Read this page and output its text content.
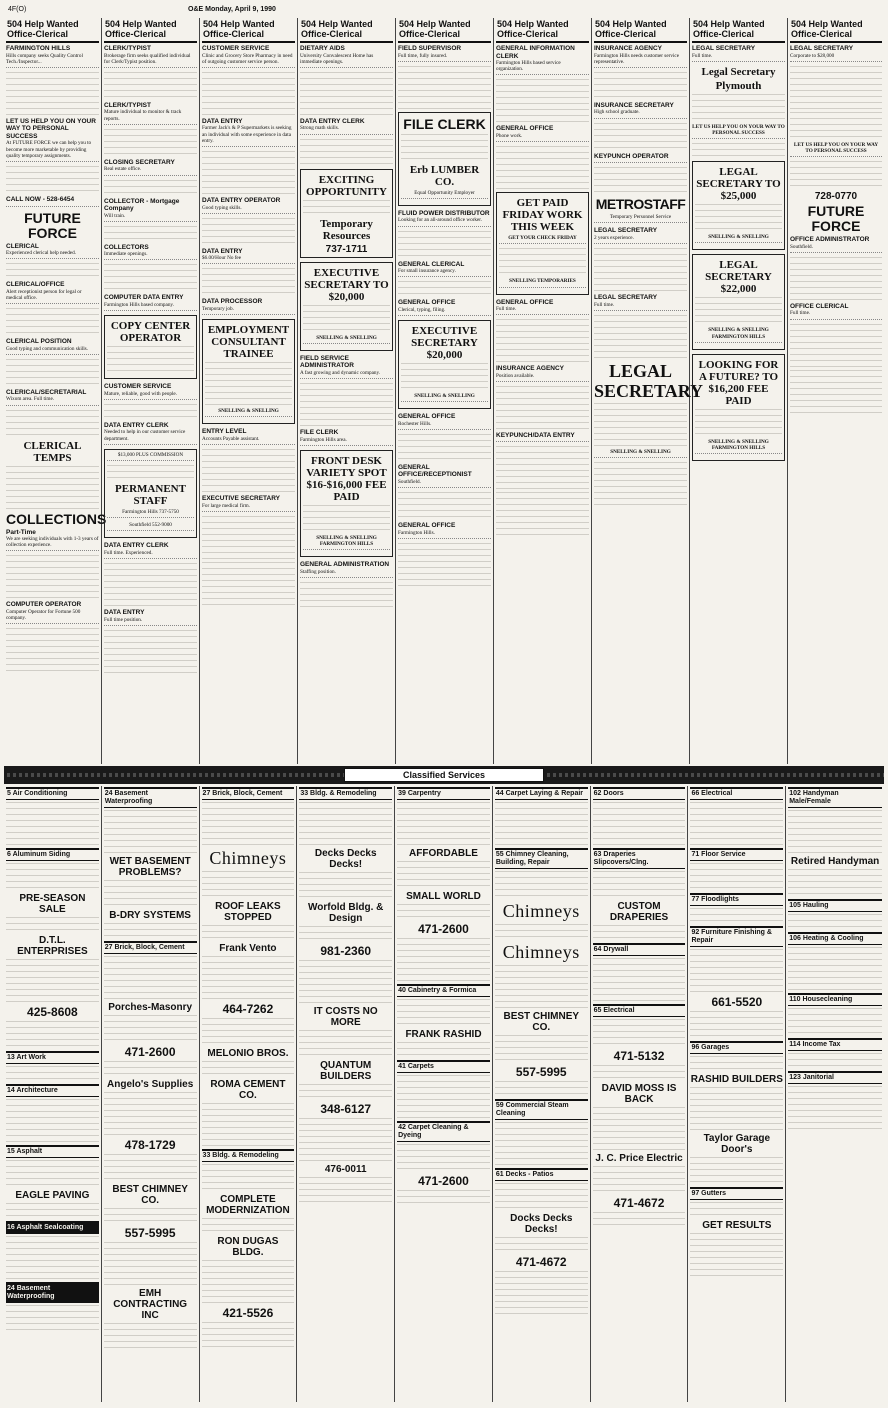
4F(O)	O&E Monday, April 9, 1990
504 Help Wanted Office-Clerical
FARMINGTON HILLS
Hills company seeks Quality Control Tech./Inspector...
LET US HELP YOU ON YOUR WAY TO PERSONAL SUCCESS
At FUTURE FORCE we can help you to become more marketable by providing quality temporary assignments.
CALL NOW - 528-6454
FUTURE FORCE
CLERICAL
Experienced clerical help needed.
CLERICAL/OFFICE
Alert receptionist person for legal or medical office.
CLERICAL POSITION
Good typing and communication skills.
CLERICAL/SECRETARIAL
Wixom area. Full time.
CLERICAL TEMPS
COLLECTIONS
Part-Time
We are seeking individuals with 1-3 years of collection experience.
COMPUTER OPERATOR
Computer Operator for Fortune 500 company.
504 Help Wanted Office-Clerical
CLERK/TYPIST
Brokerage firm seeks qualified individual for Clerk/Typist position.
CLERK/TYPIST
Mature individual to monitor & track reports.
CLOSING SECRETARY
Real estate office.
COLLECTOR - Mortgage Company
Will train.
COLLECTORS
Immediate openings.
COMPUTER DATA ENTRY
Farmington Hills based company.
COPY CENTER OPERATOR
CUSTOMER SERVICE
Mature, reliable, good with people.
DATA ENTRY CLERK
Needed to help in our customer service department.
$13,000 PLUS COMMISSION
PERMANENT STAFF
Farmington Hills 737-5750
Southfield 552-9000
DATA ENTRY CLERK
Full time. Experienced.
DATA ENTRY
Full time position.
504 Help Wanted Office-Clerical
CUSTOMER SERVICE
Clinic and Grocery Store Pharmacy in need of outgoing customer service person.
DATA ENTRY
Farmer Jack's & P Supermarkets is seeking an individual with some experience in data entry.
DATA ENTRY OPERATOR
Good typing skills.
DATA ENTRY
$6.00/Hour No fee
DATA PROCESSOR
Temporary job.
EMPLOYMENT CONSULTANT TRAINEE
SNELLING & SNELLING
ENTRY LEVEL
Accounts Payable assistant.
EXECUTIVE SECRETARY
For large medical firm.
504 Help Wanted Office-Clerical
DIETARY AIDS
University Convalescent Home has immediate openings.
DATA ENTRY CLERK
Strong math skills.
EXCITING OPPORTUNITY
Temporary Resources
737-1711
EXECUTIVE SECRETARY TO $20,000
SNELLING & SNELLING
FIELD SERVICE ADMINISTRATOR
A fast growing and dynamic company.
FILE CLERK
Farmington Hills area.
FRONT DESK VARIETY SPOT $16-$16,000 FEE PAID
SNELLING & SNELLING FARMINGTON HILLS
GENERAL ADMINISTRATION
Staffing position.
504 Help Wanted Office-Clerical
FIELD SUPERVISOR
Full time, fully insured.
FILE CLERK
Erb LUMBER CO.
Equal Opportunity Employer
FLUID POWER DISTRIBUTOR
Looking for an all-around office worker.
GENERAL CLERICAL
For small insurance agency.
GENERAL OFFICE
Clerical, typing, filing.
EXECUTIVE SECRETARY $20,000
SNELLING & SNELLING
GENERAL OFFICE
Rochester Hills.
GENERAL OFFICE/RECEPTIONIST
Southfield.
GENERAL OFFICE
Farmington Hills.
504 Help Wanted Office-Clerical
GENERAL INFORMATION CLERK
Farmington Hills based service organization.
GENERAL OFFICE
Phone work.
GET PAID FRIDAY WORK THIS WEEK
GET YOUR CHECK FRIDAY
SNELLING TEMPORARIES
GENERAL OFFICE
Full time.
INSURANCE AGENCY
Position available.
KEYPUNCH/DATA ENTRY
504 Help Wanted Office-Clerical
INSURANCE AGENCY
Farmington Hills needs customer service representative.
INSURANCE SECRETARY
High school graduate.
KEYPUNCH OPERATOR
METROSTAFF
Temporary Personnel Service
LEGAL SECRETARY
2 years experience.
LEGAL SECRETARY
Full time.
LEGAL SECRETARY
SNELLING & SNELLING
504 Help Wanted Office-Clerical
LEGAL SECRETARY
Full time.
Legal Secretary
Plymouth
LET US HELP YOU ON YOUR WAY TO PERSONAL SUCCESS
LEGAL SECRETARY TO $25,000
SNELLING & SNELLING
LEGAL SECRETARY $22,000
SNELLING & SNELLING FARMINGTON HILLS
LOOKING FOR A FUTURE? TO $16,200 FEE PAID
SNELLING & SNELLING FARMINGTON HILLS
504 Help Wanted Office-Clerical
LEGAL SECRETARY
Corporate to $28,000
LET US HELP YOU ON YOUR WAY TO PERSONAL SUCCESS
728-0770
FUTURE FORCE
OFFICE ADMINISTRATOR
Southfield.
OFFICE CLERICAL
Full time.
Classified Services
5 Air Conditioning
6 Aluminum Siding
PRE-SEASON SALE
D.T.L. ENTERPRISES
425-8608
13 Art Work
14 Architecture
15 Asphalt
EAGLE PAVING
16 Asphalt Sealcoating
24 Basement Waterproofing
24 Basement Waterproofing
WET BASEMENT PROBLEMS?
B-DRY SYSTEMS
27 Brick, Block, Cement
Porches-Masonry
471-2600
Angelo's Supplies
478-1729
BEST CHIMNEY CO.
557-5995
EMH CONTRACTING INC
27 Brick, Block, Cement
Chimneys
ROOF LEAKS STOPPED
Frank Vento
464-7262
MELONIO BROS.
ROMA CEMENT CO.
33 Bldg. & Remodeling
COMPLETE MODERNIZATION
RON DUGAS BLDG.
421-5526
33 Bldg. & Remodeling
Decks Decks Decks!
Worfold Bldg. & Design
981-2360
IT COSTS NO MORE
QUANTUM BUILDERS
348-6127
476-0011
39 Carpentry
AFFORDABLE
SMALL WORLD
471-2600
40 Cabinetry & Formica
FRANK RASHID
41 Carpets
42 Carpet Cleaning & Dyeing
471-2600
44 Carpet Laying & Repair
55 Chimney Cleaning, Building, Repair
Chimneys
Chimneys
BEST CHIMNEY CO.
557-5995
59 Commercial Steam Cleaning
61 Decks - Patios
Docks Decks Decks!
471-4672
62 Doors
63 Draperies Slipcovers/Clng.
CUSTOM DRAPERIES
64 Drywall
65 Electrical
471-5132
DAVID MOSS IS BACK
J. C. Price Electric
471-4672
66 Electrical
71 Floor Service
77 Floodlights
92 Furniture Finishing & Repair
661-5520
96 Garages
RASHID BUILDERS
Taylor Garage Door's
97 Gutters
GET RESULTS
102 Handyman Male/Female
Retired Handyman
105 Hauling
106 Heating & Cooling
110 Housecleaning
114 Income Tax
123 Janitorial
